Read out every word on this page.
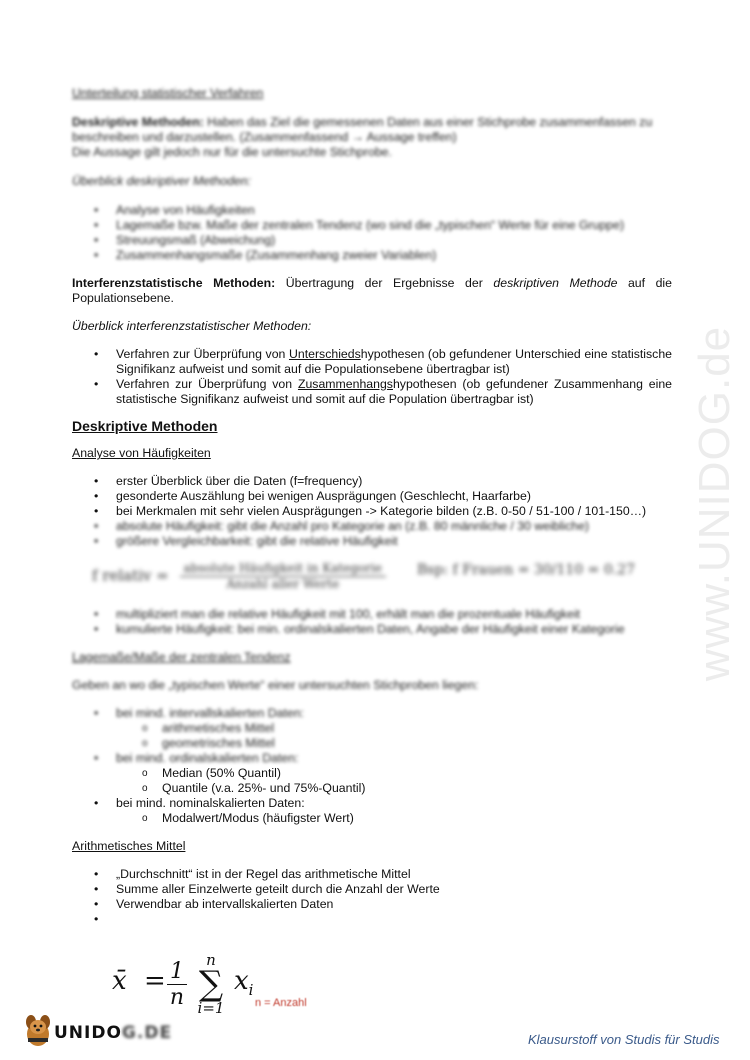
Unterteilung statistischer Verfahren

Deskriptive Methoden: Haben das Ziel die gemessenen Daten aus einer Stichprobe zusammenfassen zu beschreiben und darzustellen. (Zusammenfassend → Aussage treffen)

Die Aussage gilt jedoch nur für die untersuchte Stichprobe.

Überblick deskriptiver Methoden:

• Analyse von Häufigkeiten
• Lagemaße bzw. Maße der zentralen Tendenz (wo sind die „typischen“ Werte für eine Gruppe)
• Streuungsmaß (Abweichung)
• Zusammenhangsmaße (Zusammenhang zweier Variablen)

Interferenzstatistische Methoden: Übertragung der Ergebnisse der deskriptiven Methode auf die Populationsebene.

Überblick interferenzstatistischer Methoden:

• Verfahren zur Überprüfung von Unterschiedshypothesen (ob gefundener Unterschied eine statistische Signifikanz aufweist und somit auf die Populationsebene übertragbar ist)
• Verfahren zur Überprüfung von Zusammenhangshypothesen (ob gefundener Zusammenhang eine statistische Signifikanz aufweist und somit auf die Population übertragbar ist)

Deskriptive Methoden

Analyse von Häufigkeiten

• erster Überblick über die Daten (f=frequency)
• gesonderte Auszählung bei wenigen Ausprägungen (Geschlecht, Haarfarbe)
• bei Merkmalen mit sehr vielen Ausprägungen -> Kategorie bilden (z.B. 0-50 / 51-100 / 101-150…)
• absolute Häufigkeit: gibt die Anzahl pro Kategorie an (z.B. 80 männliche / 30 weibliche)
• größere Vergleichbarkeit: gibt die relative Häufigkeit
f relativ = $\frac{\text{absolute Häufigkeit in Kategorie}}{\text{Anzahl aller Werte}}$ Bsp: f Frauen = 30/110 = 0.27
• multipliziert man die relative Häufigkeit mit 100, erhält man die prozentuale Häufigkeit
• kumulierte Häufigkeit: bei min. ordinalskalierten Daten, Angabe der Häufigkeit einer Kategorie

Lagemaße/Maße der zentralen Tendenz

Geben an wo die „typischen Werte“ einer untersuchten Stichproben liegen:

• bei mind. intervallskalierten Daten:
o arithmetisches Mittel
o geometrisches Mittel
• bei mind. ordinalskalierten Daten:
o Median (50% Quantil)
o Quantile (v.a. 25%- und 75%-Quantil)
• bei mind. nominalskalierten Daten:
o Modalwert/Modus (häufigster Wert)

Arithmetisches Mittel

• „Durchschnitt“ ist in der Regel das arithmetische Mittel
• Summe aller Einzelwerte geteilt durch die Anzahl der Werte
• Verwendbar ab intervallskalierten Daten
•
x̄ = 1
n
n
∑
i=1
$x_i$
n = Anzahl
www.UNIDOG.de
UNIDOG.DE	Klausurstoff von Studis für Studis
